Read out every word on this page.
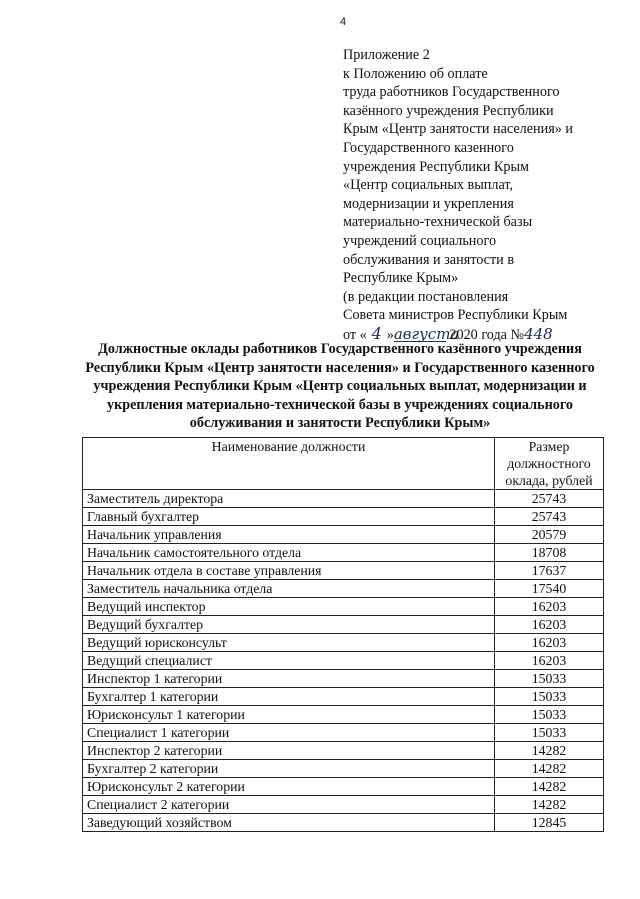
4
Приложение 2
к Положению об оплате
труда работников Государственного
казённого учреждения Республики
Крым «Центр занятости населения» и
Государственного казенного
учреждения Республики Крым
«Центр социальных выплат,
модернизации и укрепления
материально-технической базы
учреждений социального
обслуживания и занятости в
Республике Крым»
(в редакции постановления
Совета министров Республики Крым
от « 4 »августа 2020 года №448
Должностные оклады работников Государственного казённого учреждения Республики Крым «Центр занятости населения» и Государственного казенного учреждения Республики Крым «Центр социальных выплат, модернизации и укрепления материально-технической базы в учреждениях социального обслуживания и занятости Республики Крым»
Наименование должности	Размер должностного оклада, рублей
Заместитель директора	25743
Главный бухгалтер	25743
Начальник управления	20579
Начальник самостоятельного отдела	18708
Начальник отдела в составе управления	17637
Заместитель начальника отдела	17540
Ведущий инспектор	16203
Ведущий бухгалтер	16203
Ведущий юрисконсульт	16203
Ведущий специалист	16203
Инспектор 1 категории	15033
Бухгалтер 1 категории	15033
Юрисконсульт 1 категории	15033
Специалист 1 категории	15033
Инспектор 2 категории	14282
Бухгалтер 2 категории	14282
Юрисконсульт 2 категории	14282
Специалист 2 категории	14282
Заведующий хозяйством	12845
